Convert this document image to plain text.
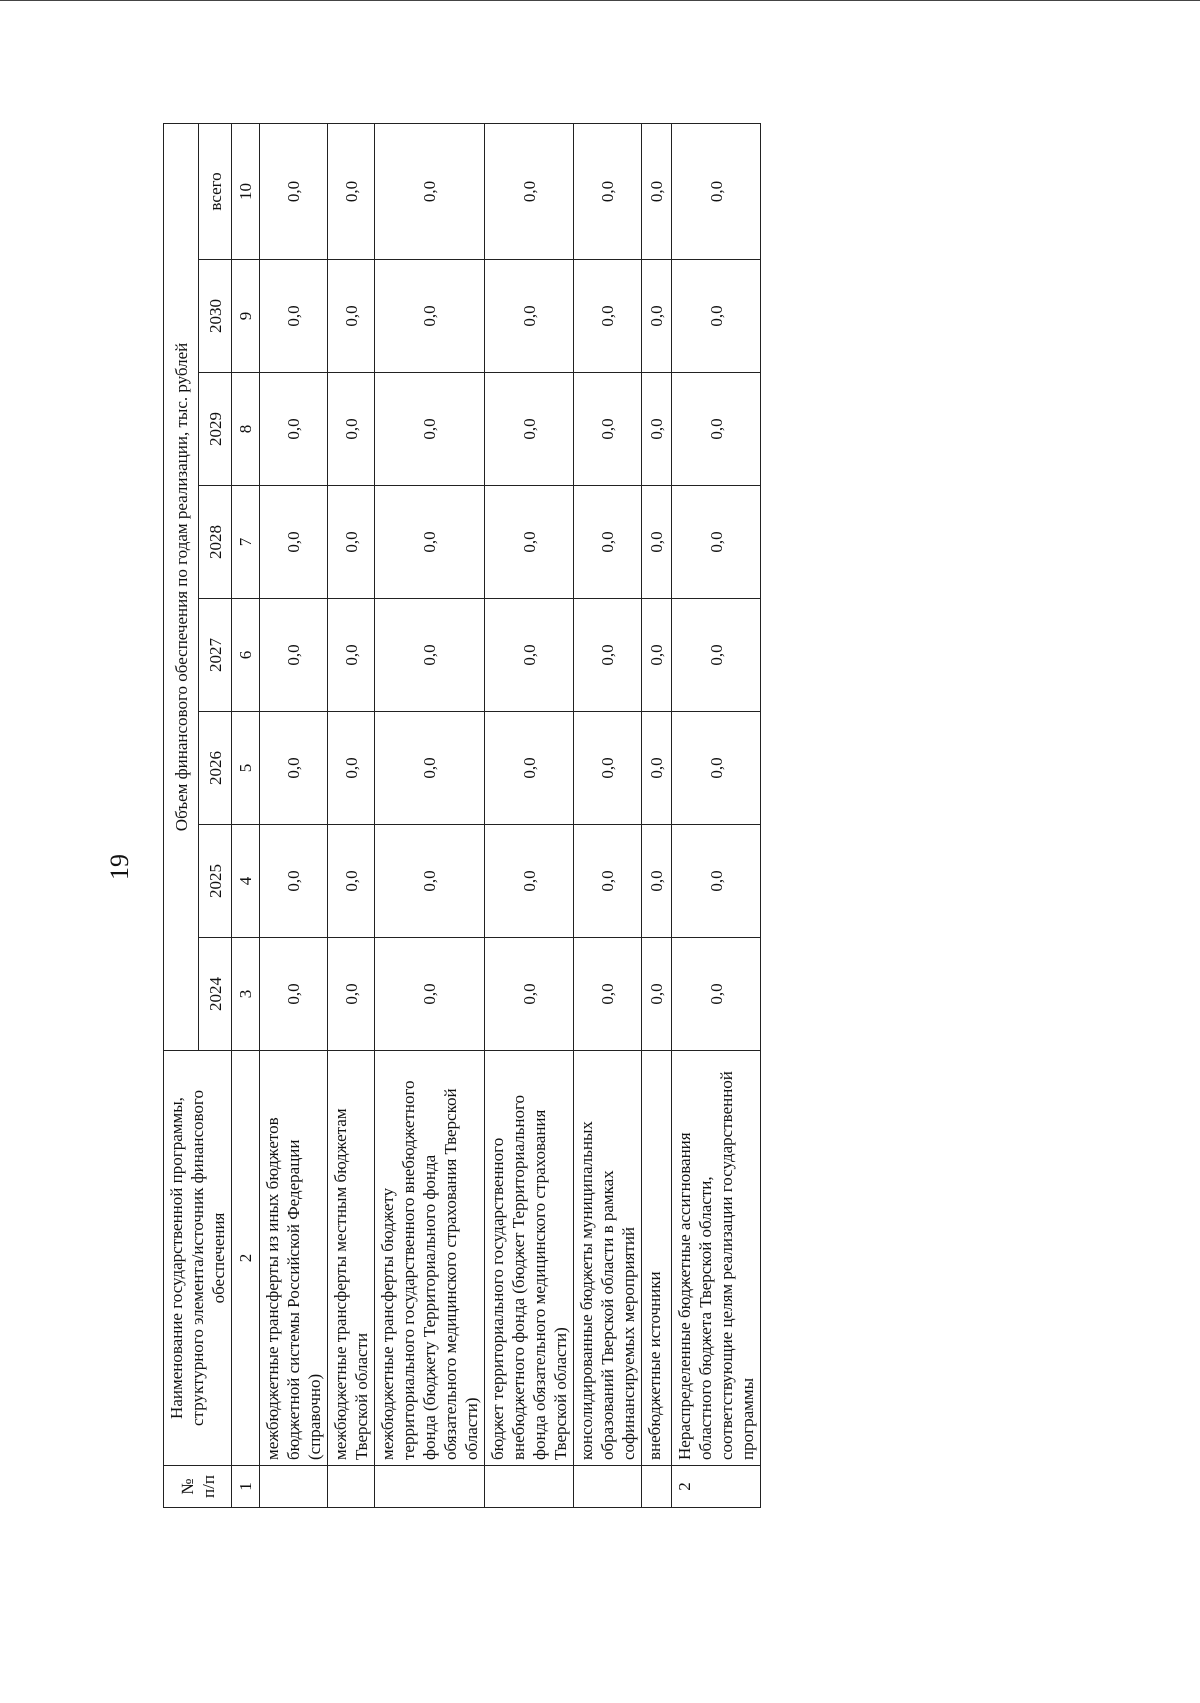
19
№ п/п	Наименование государственной программы, структурного элемента/источник финансового обеспечения	Объем финансового обеспечения по годам реализации, тыс. рублей							
		2024	2025	2026	2027	2028	2029	2030	всего
1	2	3	4	5	6	7	8	9	10
	межбюджетные трансферты из иных бюджетов бюджетной системы Российской Федерации (справочно)	0,0	0,0	0,0	0,0	0,0	0,0	0,0	0,0
	межбюджетные трансферты местным бюджетам Тверской области	0,0	0,0	0,0	0,0	0,0	0,0	0,0	0,0
	межбюджетные трансферты бюджету территориального государственного внебюджетного фонда (бюджету Территориального фонда обязательного медицинского страхования Тверской области)	0,0	0,0	0,0	0,0	0,0	0,0	0,0	0,0
	бюджет территориального государственного внебюджетного фонда (бюджет Территориального фонда обязательного медицинского страхования Тверской области)	0,0	0,0	0,0	0,0	0,0	0,0	0,0	0,0
	консолидированные бюджеты муниципальных образований Тверской области в рамках софинансируемых мероприятий	0,0	0,0	0,0	0,0	0,0	0,0	0,0	0,0
	внебюджетные источники	0,0	0,0	0,0	0,0	0,0	0,0	0,0	0,0
2	Нераспределенные бюджетные ассигнования областного бюджета Тверской области, соответствующие целям реализации государственной программы	0,0	0,0	0,0	0,0	0,0	0,0	0,0	0,0
